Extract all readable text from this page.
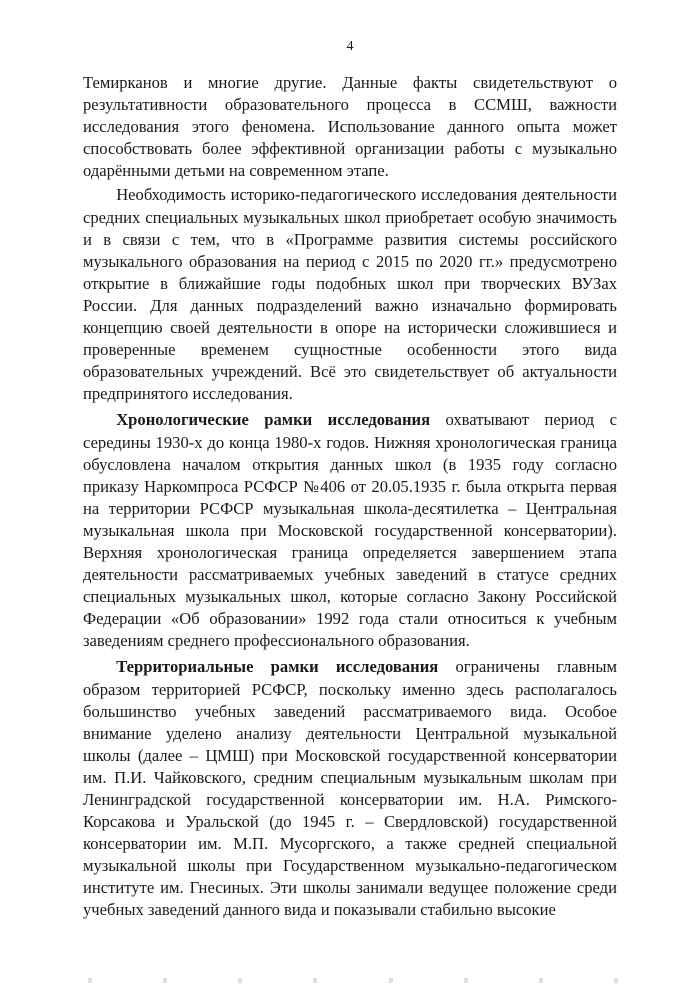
4

Темирканов и многие другие. Данные факты свидетельствуют о результативности образовательного процесса в ССМШ, важности исследования этого феномена. Использование данного опыта может способствовать более эффективной организации работы с музыкально одарёнными детьми на современном этапе.

Необходимость историко-педагогического исследования деятельности средних специальных музыкальных школ приобретает особую значимость и в связи с тем, что в «Программе развития системы российского музыкального образования на период с 2015 по 2020 гг.» предусмотрено открытие в ближайшие годы подобных школ при творческих ВУЗах России. Для данных подразделений важно изначально формировать концепцию своей деятельности в опоре на исторически сложившиеся и проверенные временем сущностные особенности этого вида образовательных учреждений. Всё это свидетельствует об актуальности предпринятого исследования.

Хронологические рамки исследования охватывают период с середины 1930-х до конца 1980-х годов. Нижняя хронологическая граница обусловлена началом открытия данных школ (в 1935 году согласно приказу Наркомпроса РСФСР №406 от 20.05.1935 г. была открыта первая на территории РСФСР музыкальная школа-десятилетка – Центральная музыкальная школа при Московской государственной консерватории). Верхняя хронологическая граница определяется завершением этапа деятельности рассматриваемых учебных заведений в статусе средних специальных музыкальных школ, которые согласно Закону Российской Федерации «Об образовании» 1992 года стали относиться к учебным заведениям среднего профессионального образования.

Территориальные рамки исследования ограничены главным образом территорией РСФСР, поскольку именно здесь располагалось большинство учебных заведений рассматриваемого вида. Особое внимание уделено анализу деятельности Центральной музыкальной школы (далее – ЦМШ) при Московской государственной консерватории им. П.И. Чайковского, средним специальным музыкальным школам при Ленинградской государственной консерватории им. Н.А. Римского-Корсакова и Уральской (до 1945 г. – Свердловской) государственной консерватории им. М.П. Мусоргского, а также средней специальной музыкальной школы при Государственном музыкально-педагогическом институте им. Гнесиных. Эти школы занимали ведущее положение среди учебных заведений данного вида и показывали стабильно высокие
